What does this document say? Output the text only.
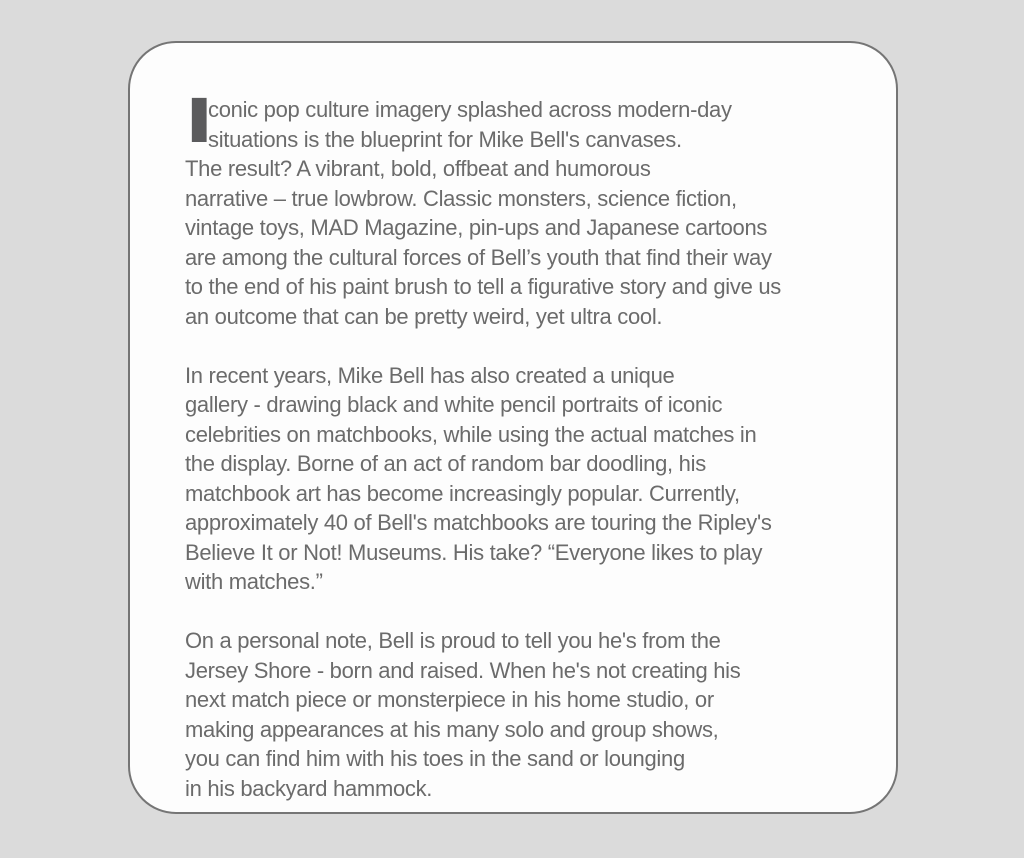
I
conic pop culture imagery splashed across modern-day
situations is the blueprint for Mike Bell's canvases.
The result? A vibrant, bold, offbeat and humorous
narrative – true lowbrow. Classic monsters, science fiction,
vintage toys, MAD Magazine, pin-ups and Japanese cartoons
are among the cultural forces of Bell’s youth that find their way
to the end of his paint brush to tell a figurative story and give us
an outcome that can be pretty weird, yet ultra cool.
In recent years, Mike Bell has also created a unique
gallery - drawing black and white pencil portraits of iconic
celebrities on matchbooks, while using the actual matches in
the display. Borne of an act of random bar doodling, his
matchbook art has become increasingly popular. Currently,
approximately 40 of Bell's matchbooks are touring the Ripley's
Believe It or Not! Museums. His take? “Everyone likes to play
with matches.”
On a personal note, Bell is proud to tell you he's from the
Jersey Shore - born and raised. When he's not creating his
next match piece or monsterpiece in his home studio, or
making appearances at his many solo and group shows,
you can find him with his toes in the sand or lounging
in his backyard hammock.
